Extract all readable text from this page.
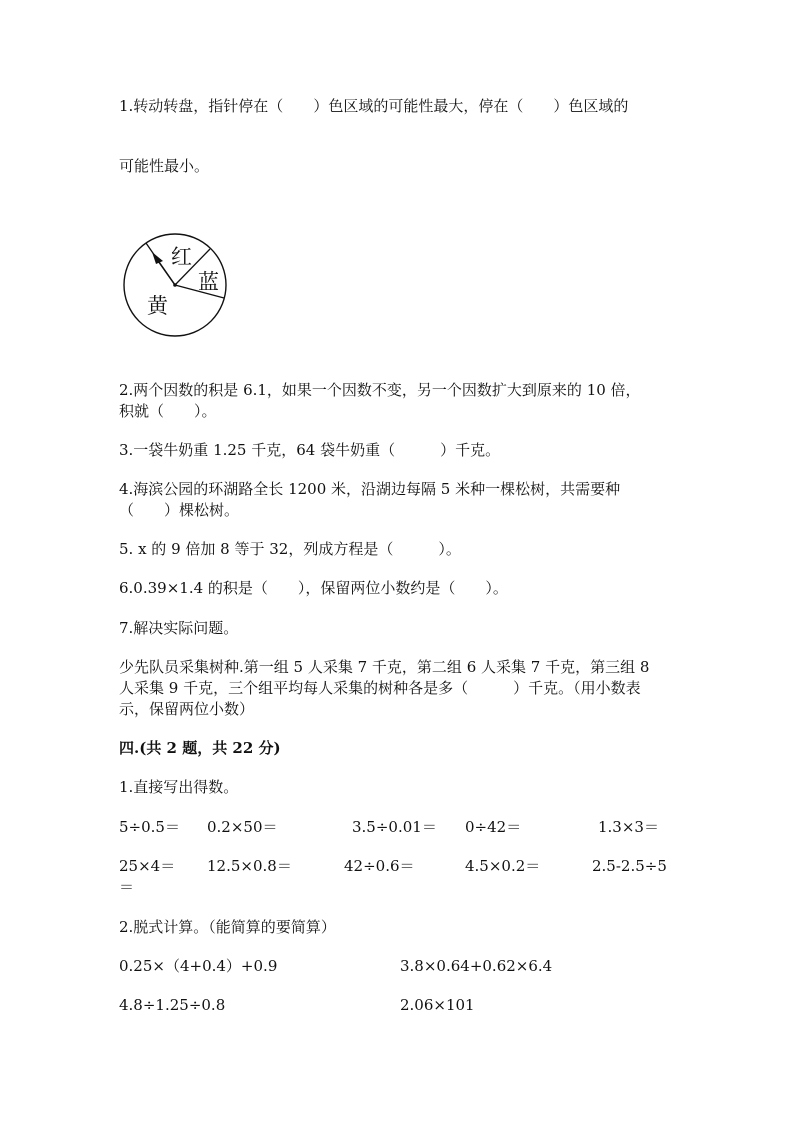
1.转动转盘，指针停在（　　）色区域的可能性最大，停在（　　）色区域的
可能性最小。
红
蓝
黄
2.两个因数的积是 6.1，如果一个因数不变，另一个因数扩大到原来的 10 倍，
积就（　　）。
3.一袋牛奶重 1.25 千克，64 袋牛奶重（　　　）千克。
4.海滨公园的环湖路全长 1200 米，沿湖边每隔 5 米种一棵松树，共需要种
（　　）棵松树。
5. x 的 9 倍加 8 等于 32，列成方程是（　　　）。
6.0.39×1.4 的积是（　　），保留两位小数约是（　　）。
7.解决实际问题。
少先队员采集树种.第一组 5 人采集 7 千克，第二组 6 人采集 7 千克，第三组 8
人采集 9 千克，三个组平均每人采集的树种各是多（　　　）千克。（用小数表
示，保留两位小数）
四.(共 2 题，共 22 分)
1.直接写出得数。
5÷0.5＝ 0.2×50＝	3.5÷0.01＝ 0÷42＝	1.3×3＝
25×4＝ 12.5×0.8＝	42÷0.6＝	4.5×0.2＝	2.5-2.5÷5
＝
2.脱式计算。（能简算的要简算）
0.25×（4+0.4）+0.9	3.8×0.64+0.62×6.4
4.8÷1.25÷0.8	2.06×101
